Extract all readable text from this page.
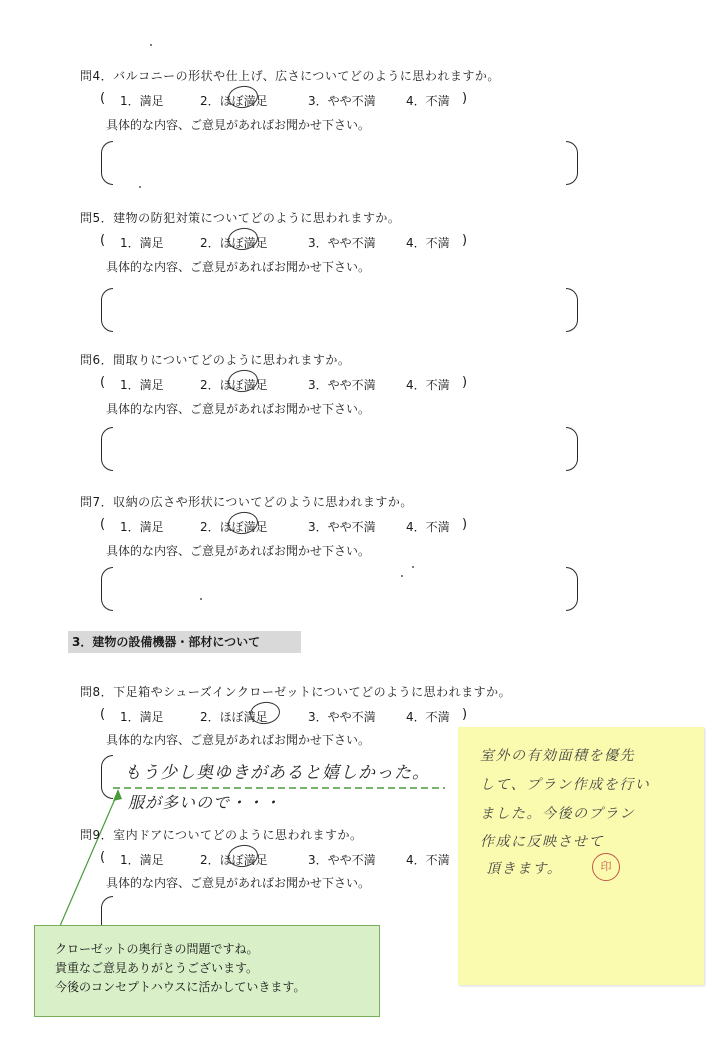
問4．バルコニーの形状や仕上げ、広さについてどのように思われますか。
( 1．満足	2．ほぼ満足	3．やや不満	4．不満 )
具体的な内容、ご意見があればお聞かせ下さい。
問5．建物の防犯対策についてどのように思われますか。
( 1．満足	2．ほぼ満足	3．やや不満	4．不満 )
具体的な内容、ご意見があればお聞かせ下さい。
問6．間取りについてどのように思われますか。
( 1．満足	2．ほぼ満足	3．やや不満	4．不満 )
具体的な内容、ご意見があればお聞かせ下さい。
問7．収納の広さや形状についてどのように思われますか。
( 1．満足	2．ほぼ満足	3．やや不満	4．不満 )
具体的な内容、ご意見があればお聞かせ下さい。
3．建物の設備機器・部材について
問8．下足箱やシューズインクローゼットについてどのように思われますか。
( 1．満足	2．ほぼ満足	3．やや不満	4．不満 )
具体的な内容、ご意見があればお聞かせ下さい。
もう少し奥ゆきがあると嬉しかった。
服が多いので・・・
問9．室内ドアについてどのように思われますか。
( 1．満足	2．ほぼ満足	3．やや不満	4．不満
具体的な内容、ご意見があればお聞かせ下さい。
室外の有効面積を優先
して、プラン作成を行い
ました。今後のプラン
作成に反映させて
頂きます。	印
クローゼットの奥行きの問題ですね。
貴重なご意見ありがとうございます。
今後のコンセプトハウスに活かしていきます。
